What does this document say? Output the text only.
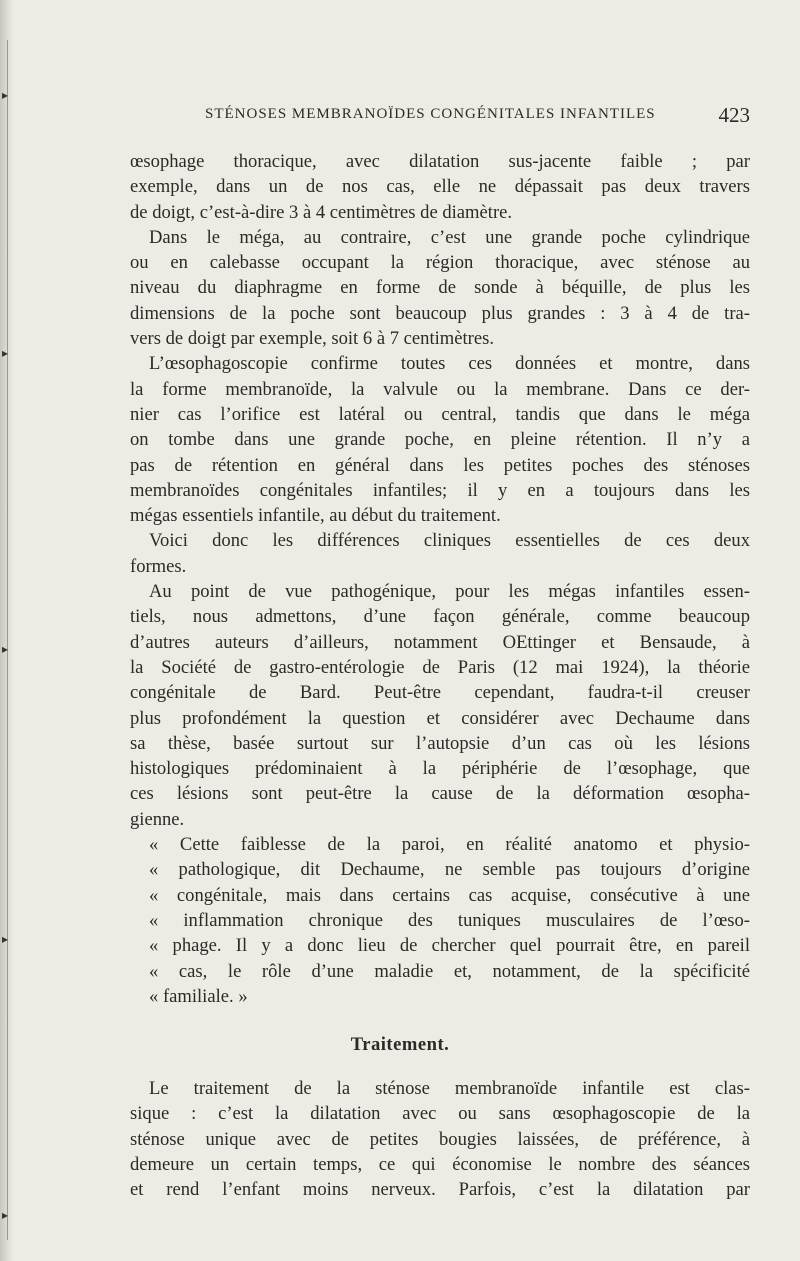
▸
▸
▸
▸
▸
STÉNOSES MEMBRANOÏDES CONGÉNITALES INFANTILES	423
œsophage thoracique, avec dilatation sus-jacente faible ; par
exemple, dans un de nos cas, elle ne dépassait pas deux travers
de doigt, c’est-à-dire 3 à 4 centimètres de diamètre.
Dans le méga, au contraire, c’est une grande poche cylindrique
ou en calebasse occupant la région thoracique, avec sténose au
niveau du diaphragme en forme de sonde à béquille, de plus les
dimensions de la poche sont beaucoup plus grandes : 3 à 4 de tra-
vers de doigt par exemple, soit 6 à 7 centimètres.
L’œsophagoscopie confirme toutes ces données et montre, dans
la forme membranoïde, la valvule ou la membrane. Dans ce der-
nier cas l’orifice est latéral ou central, tandis que dans le méga
on tombe dans une grande poche, en pleine rétention. Il n’y a
pas de rétention en général dans les petites poches des sténoses
membranoïdes congénitales infantiles; il y en a toujours dans les
mégas essentiels infantile, au début du traitement.
Voici donc les différences cliniques essentielles de ces deux
formes.
Au point de vue pathogénique, pour les mégas infantiles essen-
tiels, nous admettons, d’une façon générale, comme beaucoup
d’autres auteurs d’ailleurs, notamment OEttinger et Bensaude, à
la Société de gastro-entérologie de Paris (12 mai 1924), la théorie
congénitale de Bard. Peut-être cependant, faudra-t-il creuser
plus profondément la question et considérer avec Dechaume dans
sa thèse, basée surtout sur l’autopsie d’un cas où les lésions
histologiques prédominaient à la périphérie de l’œsophage, que
ces lésions sont peut-être la cause de la déformation œsopha-
gienne.
« Cette faiblesse de la paroi, en réalité anatomo et physio-
« pathologique, dit Dechaume, ne semble pas toujours d’origine
« congénitale, mais dans certains cas acquise, consécutive à une
« inflammation chronique des tuniques musculaires de l’œso-
« phage. Il y a donc lieu de chercher quel pourrait être, en pareil
« cas, le rôle d’une maladie et, notamment, de la spécificité
« familiale. »
Traitement.
Le traitement de la sténose membranoïde infantile est clas-
sique : c’est la dilatation avec ou sans œsophagoscopie de la
sténose unique avec de petites bougies laissées, de préférence, à
demeure un certain temps, ce qui économise le nombre des séances
et rend l’enfant moins nerveux. Parfois, c’est la dilatation par
